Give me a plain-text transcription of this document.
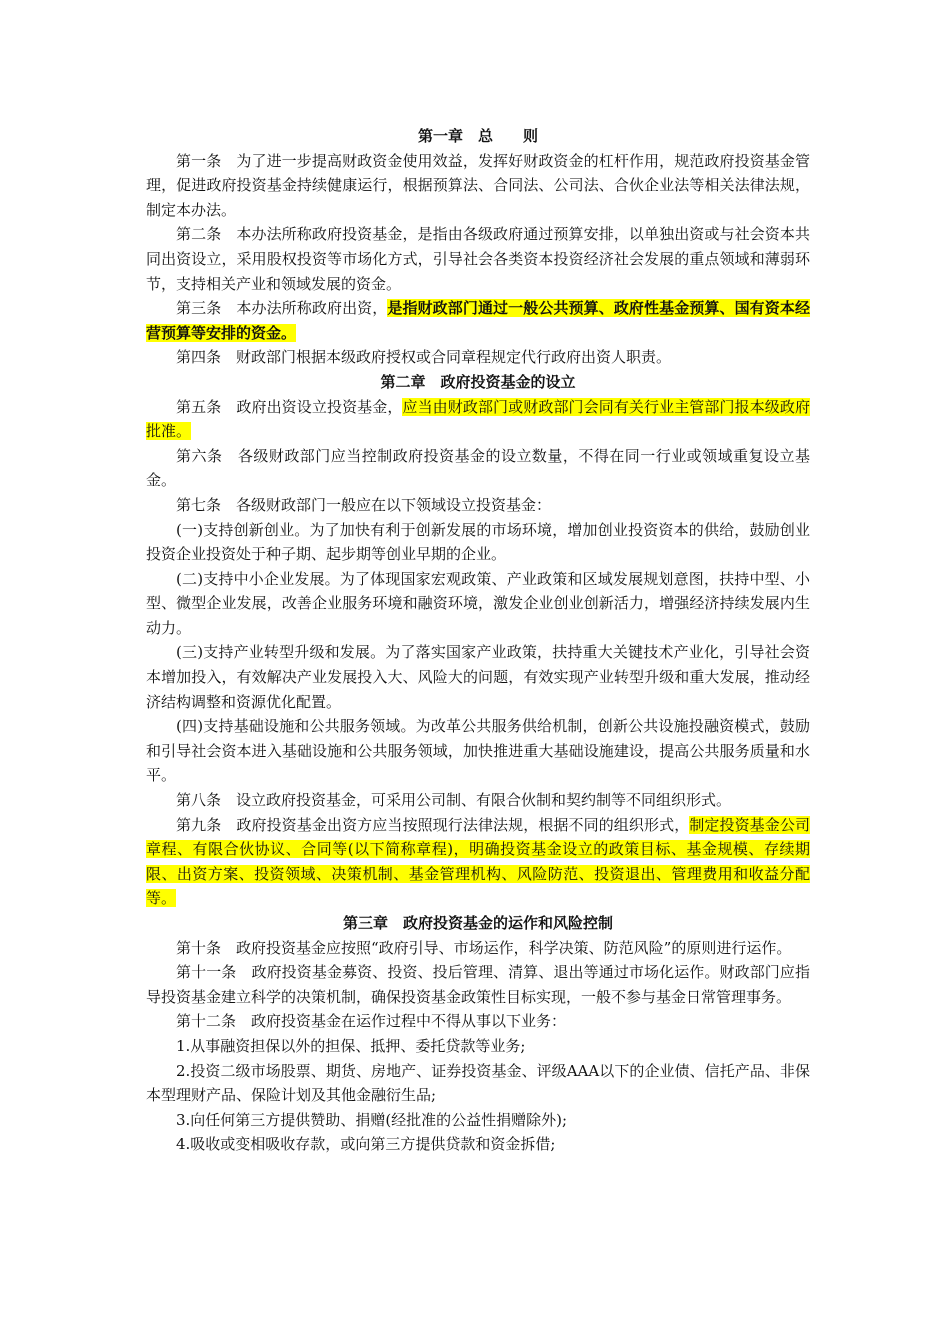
第一章　总　　则

第一条　为了进一步提高财政资金使用效益，发挥好财政资金的杠杆作用，规范政府投资基金管理，促进政府投资基金持续健康运行，根据预算法、合同法、公司法、合伙企业法等相关法律法规，制定本办法。

第二条　本办法所称政府投资基金，是指由各级政府通过预算安排，以单独出资或与社会资本共同出资设立，采用股权投资等市场化方式，引导社会各类资本投资经济社会发展的重点领域和薄弱环节，支持相关产业和领域发展的资金。

第三条　本办法所称政府出资，是指财政部门通过一般公共预算、政府性基金预算、国有资本经营预算等安排的资金。

第四条　财政部门根据本级政府授权或合同章程规定代行政府出资人职责。

第二章　政府投资基金的设立

第五条　政府出资设立投资基金，应当由财政部门或财政部门会同有关行业主管部门报本级政府批准。

第六条　各级财政部门应当控制政府投资基金的设立数量，不得在同一行业或领域重复设立基金。

第七条　各级财政部门一般应在以下领域设立投资基金：

(一)支持创新创业。为了加快有利于创新发展的市场环境，增加创业投资资本的供给，鼓励创业投资企业投资处于种子期、起步期等创业早期的企业。

(二)支持中小企业发展。为了体现国家宏观政策、产业政策和区域发展规划意图，扶持中型、小型、微型企业发展，改善企业服务环境和融资环境，激发企业创业创新活力，增强经济持续发展内生动力。

(三)支持产业转型升级和发展。为了落实国家产业政策，扶持重大关键技术产业化，引导社会资本增加投入，有效解决产业发展投入大、风险大的问题，有效实现产业转型升级和重大发展，推动经济结构调整和资源优化配置。

(四)支持基础设施和公共服务领域。为改革公共服务供给机制，创新公共设施投融资模式，鼓励和引导社会资本进入基础设施和公共服务领域，加快推进重大基础设施建设，提高公共服务质量和水平。

第八条　设立政府投资基金，可采用公司制、有限合伙制和契约制等不同组织形式。

第九条　政府投资基金出资方应当按照现行法律法规，根据不同的组织形式，制定投资基金公司章程、有限合伙协议、合同等(以下简称章程)，明确投资基金设立的政策目标、基金规模、存续期限、出资方案、投资领域、决策机制、基金管理机构、风险防范、投资退出、管理费用和收益分配等。

第三章　政府投资基金的运作和风险控制

第十条　政府投资基金应按照“政府引导、市场运作，科学决策、防范风险”的原则进行运作。

第十一条　政府投资基金募资、投资、投后管理、清算、退出等通过市场化运作。财政部门应指导投资基金建立科学的决策机制，确保投资基金政策性目标实现，一般不参与基金日常管理事务。

第十二条　政府投资基金在运作过程中不得从事以下业务：

1.从事融资担保以外的担保、抵押、委托贷款等业务;

2.投资二级市场股票、期货、房地产、证券投资基金、评级AAA以下的企业债、信托产品、非保本型理财产品、保险计划及其他金融衍生品;

3.向任何第三方提供赞助、捐赠(经批准的公益性捐赠除外);

4.吸收或变相吸收存款，或向第三方提供贷款和资金拆借;
